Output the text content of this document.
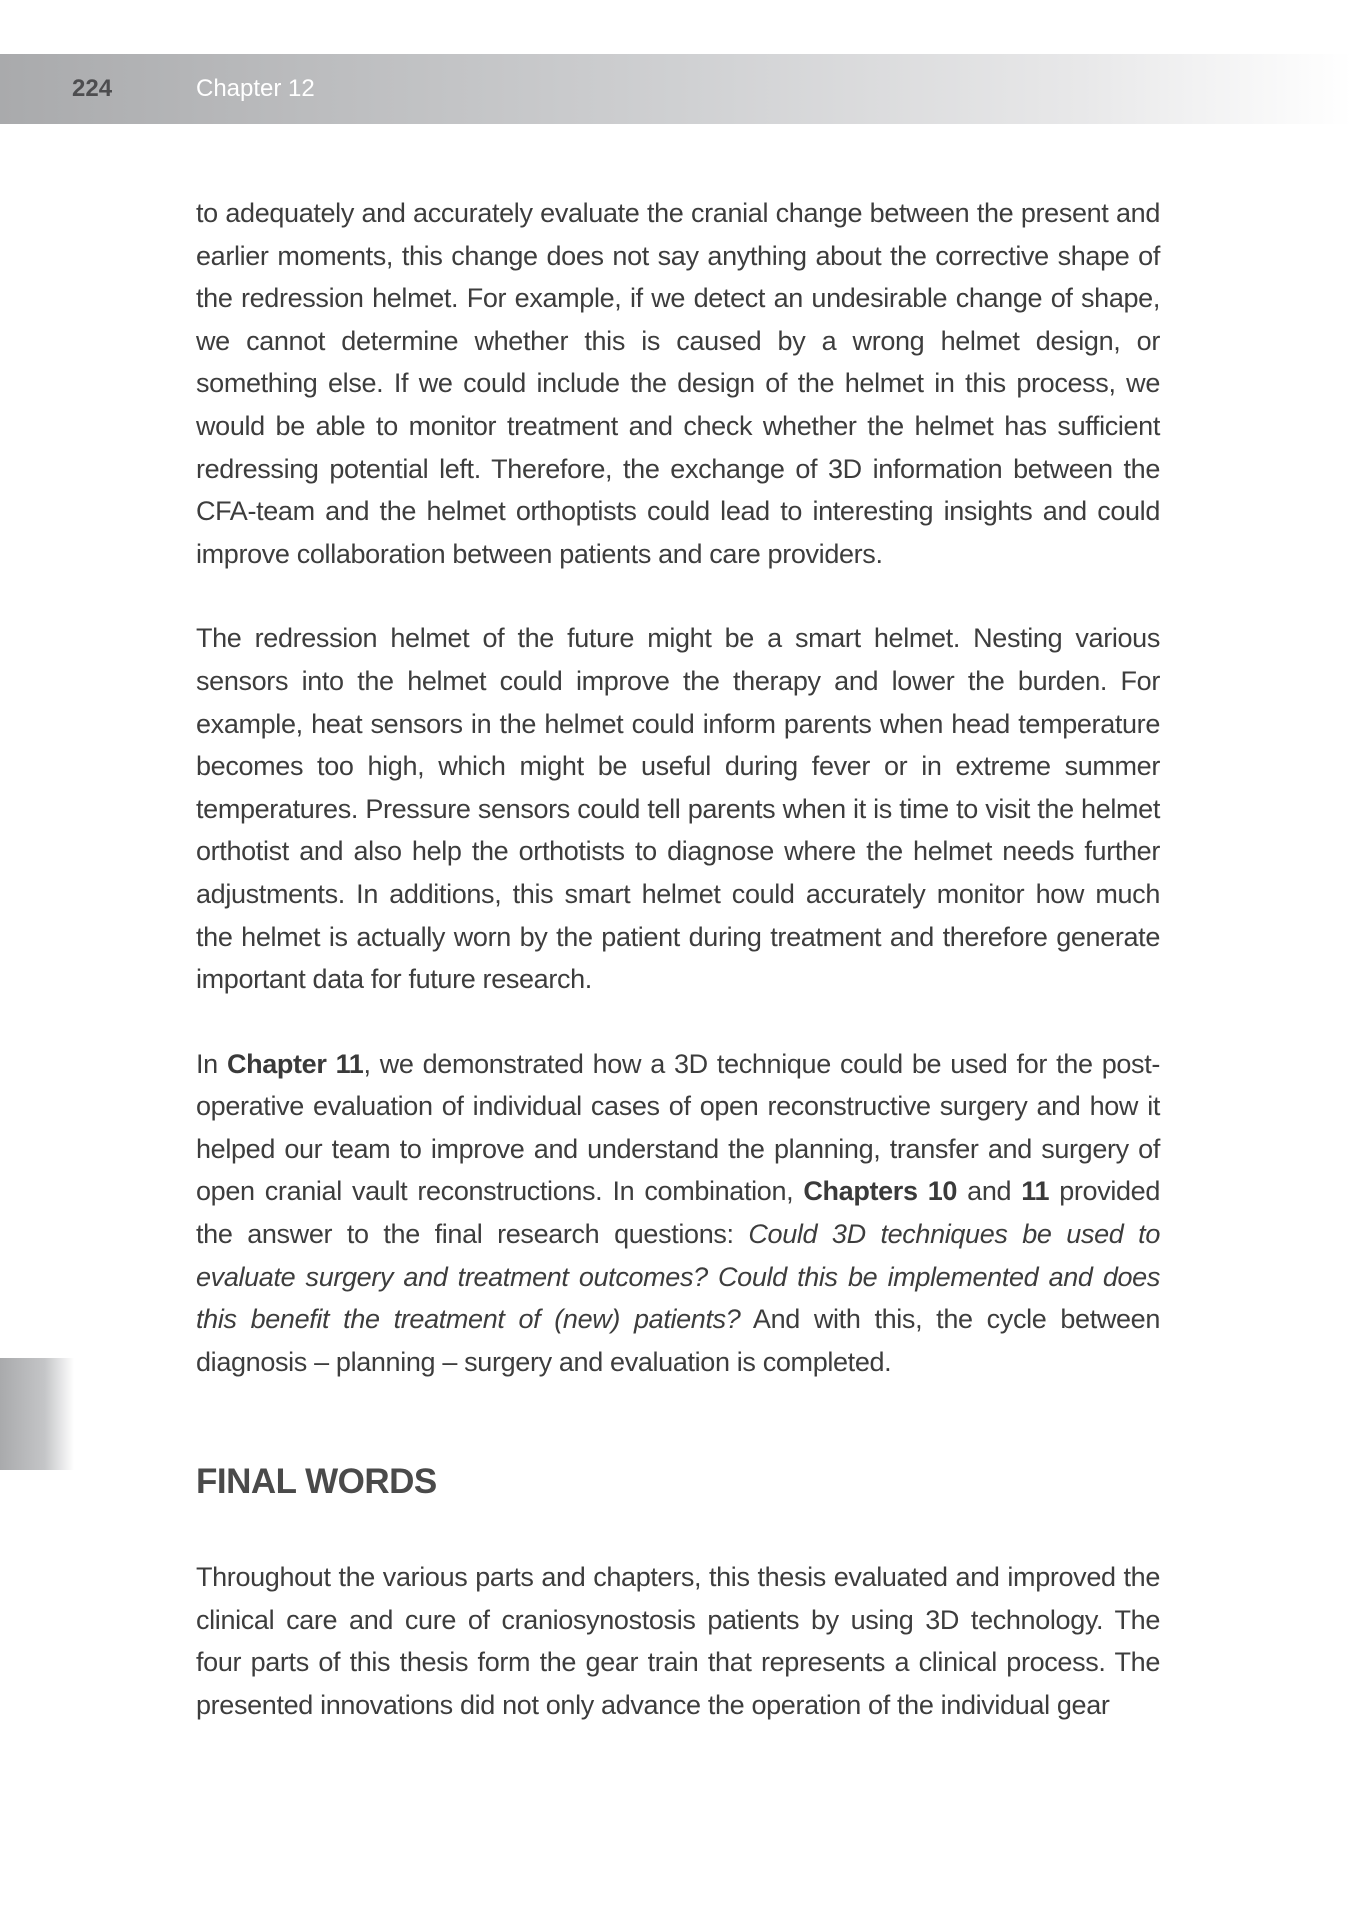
224	Chapter 12

to adequately and accurately evaluate the cranial change between the present and earlier moments, this change does not say anything about the corrective shape of the redression helmet. For example, if we detect an undesirable change of shape, we cannot determine whether this is caused by a wrong helmet design, or something else. If we could include the design of the helmet in this process, we would be able to monitor treatment and check whether the helmet has sufficient redressing potential left. Therefore, the exchange of 3D information between the CFA-team and the helmet orthoptists could lead to interesting insights and could improve collaboration between patients and care providers.

The redression helmet of the future might be a smart helmet. Nesting various sensors into the helmet could improve the therapy and lower the burden. For example, heat sensors in the helmet could inform parents when head temperature becomes too high, which might be useful during fever or in extreme summer temperatures. Pressure sensors could tell parents when it is time to visit the helmet orthotist and also help the orthotists to diagnose where the helmet needs further adjustments. In additions, this smart helmet could accurately monitor how much the helmet is actually worn by the patient during treatment and therefore generate important data for future research.

In Chapter 11, we demonstrated how a 3D technique could be used for the post-operative evaluation of individual cases of open reconstructive surgery and how it helped our team to improve and understand the planning, transfer and surgery of open cranial vault reconstructions. In combination, Chapters 10 and 11 provided the answer to the final research questions: Could 3D techniques be used to evaluate surgery and treatment outcomes? Could this be implemented and does this benefit the treatment of (new) patients? And with this, the cycle between diagnosis – planning – surgery and evaluation is completed.

FINAL WORDS

Throughout the various parts and chapters, this thesis evaluated and improved the clinical care and cure of craniosynostosis patients by using 3D technology. The four parts of this thesis form the gear train that represents a clinical process. The presented innovations did not only advance the operation of the individual gear
